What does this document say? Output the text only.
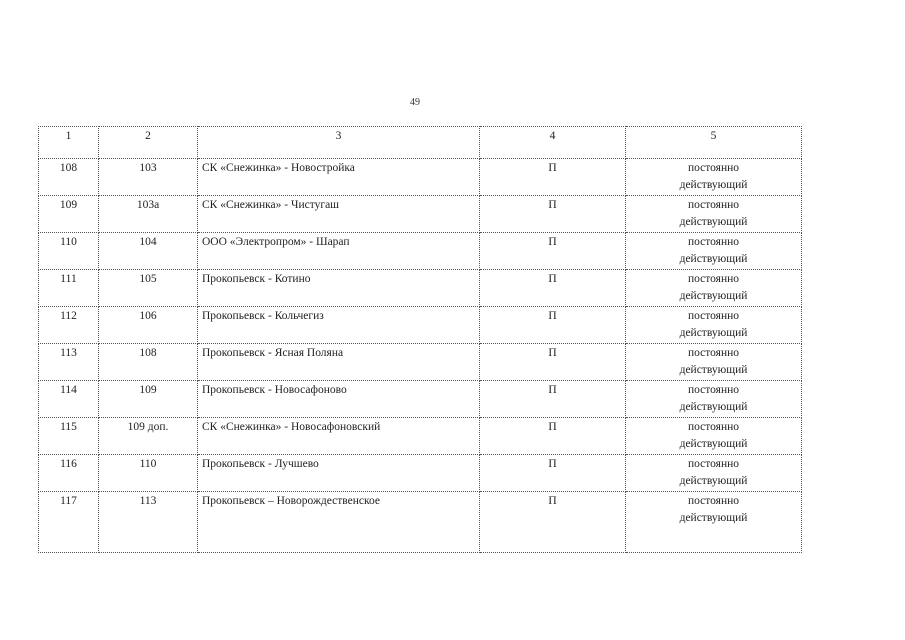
49
1	2	3	4	5
108	103	СК «Снежинка» - Новостройка	П	постоянно
действующий

109	103а	СК «Снежинка» - Чистугаш	П	постоянно
действующий

110	104	ООО «Электропром» - Шарап	П	постоянно
действующий

111	105	Прокопьевск - Котино	П	постоянно
действующий

112	106	Прокопьевск - Кольчегиз	П	постоянно
действующий

113	108	Прокопьевск - Ясная Поляна	П	постоянно
действующий

114	109	Прокопьевск - Новосафоново	П	постоянно
действующий

115	109 доп.	СК «Снежинка» - Новосафоновский	П	постоянно
действующий

116	110	Прокопьевск - Лучшево	П	постоянно
действующий

117	113	Прокопьевск – Новорождественское	П	постоянно
действующий
